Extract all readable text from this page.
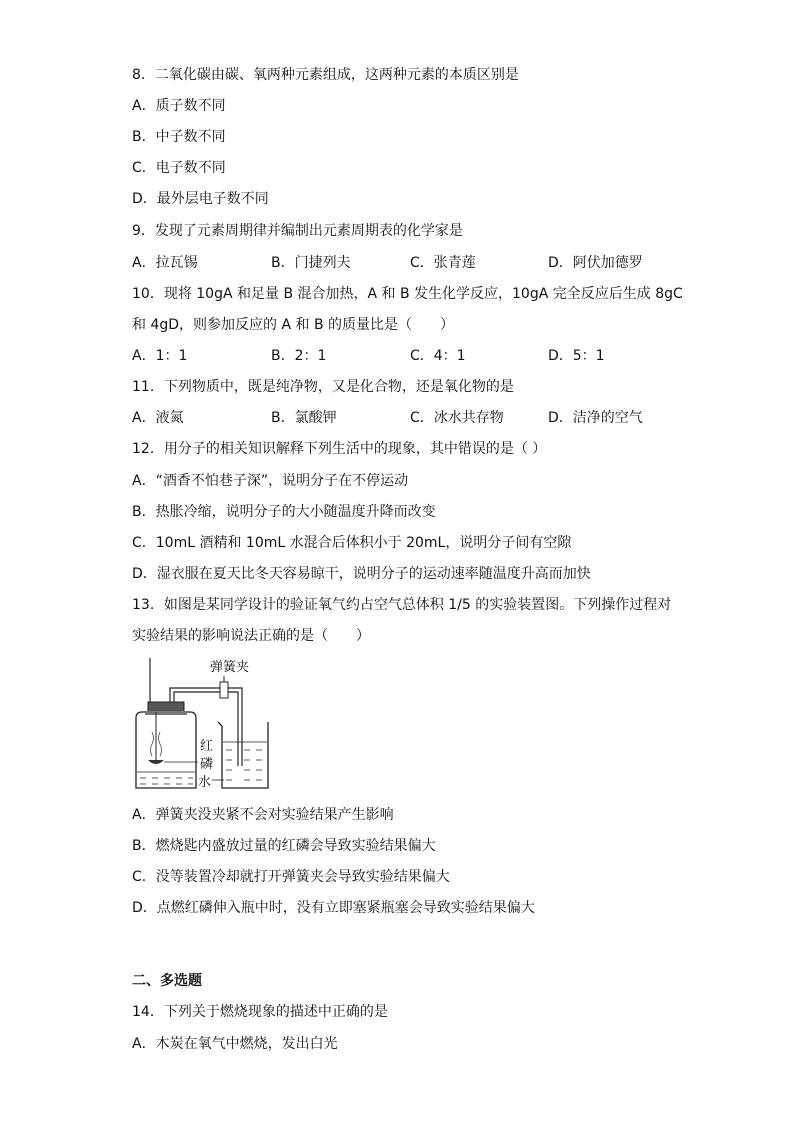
8．二氧化碳由碳、氧两种元素组成，这两种元素的本质区别是
A．质子数不同
B．中子数不同
C．电子数不同
D．最外层电子数不同
9．发现了元素周期律并编制出元素周期表的化学家是
A．拉瓦锡	B．门捷列夫	C．张青莲	D．阿伏加德罗
10．现将 10gA 和足量 B 混合加热，A 和 B 发生化学反应，10gA 完全反应后生成 8gC
和 4gD，则参加反应的 A 和 B 的质量比是（　　）
A．1：1	B．2：1	C．4：1	D．5：1
11．下列物质中，既是纯净物，又是化合物，还是氧化物的是
A．液氮	B．氯酸钾	C．冰水共存物	D．洁净的空气
12．用分子的相关知识解释下列生活中的现象，其中错误的是（ ）
A．“酒香不怕巷子深”，说明分子在不停运动
B．热胀冷缩，说明分子的大小随温度升降而改变
C．10mL 酒精和 10mL 水混合后体积小于 20mL，说明分子间有空隙
D．湿衣服在夏天比冬天容易晾干，说明分子的运动速率随温度升高而加快
13．如图是某同学设计的验证氧气约占空气总体积 1/5 的实验装置图。下列操作过程对
实验结果的影响说法正确的是（　　）
弹簧夹
红
磷
水
A．弹簧夹没夹紧不会对实验结果产生影响
B．燃烧匙内盛放过量的红磷会导致实验结果偏大
C．没等装置冷却就打开弹簧夹会导致实验结果偏大
D．点燃红磷伸入瓶中时，没有立即塞紧瓶塞会导致实验结果偏大
二、多选题
14．下列关于燃烧现象的描述中正确的是
A．木炭在氧气中燃烧，发出白光
